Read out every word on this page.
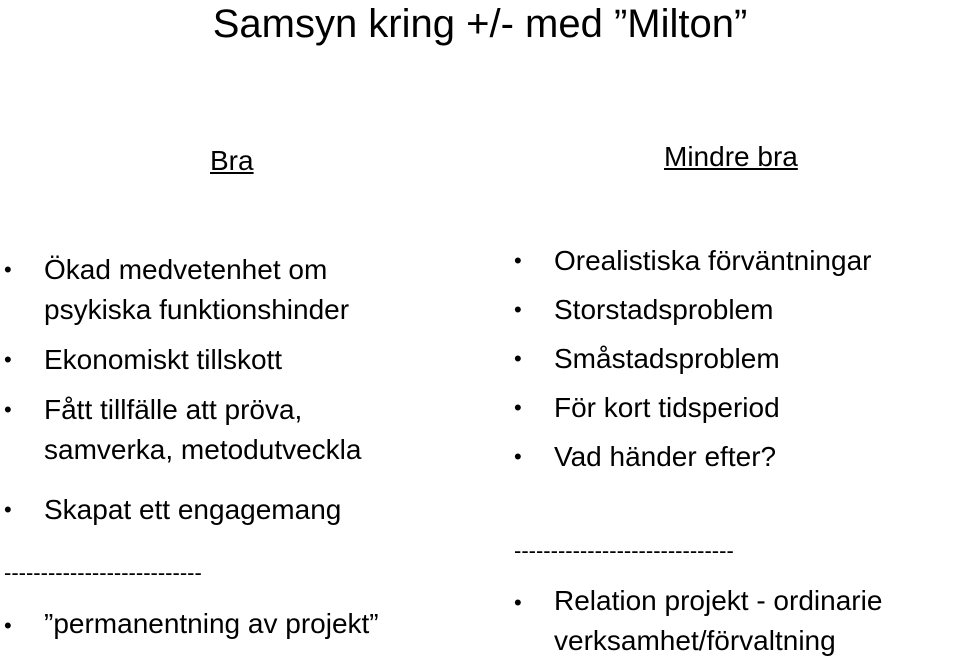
Samsyn kring +/- med ”Milton”
Bra	Mindre bra
• Ökad medvetenhet om
psykiska funktionshinder
• Ekonomiskt tillskott
• Fått tillfälle att pröva,
samverka, metodutveckla
• Skapat ett engagemang
---------------------------
• ”permanentning av projekt”
• Orealistiska förväntningar
• Storstadsproblem
• Småstadsproblem
• För kort tidsperiod
• Vad händer efter?
------------------------------
• Relation projekt - ordinarie
verksamhet/förvaltning
